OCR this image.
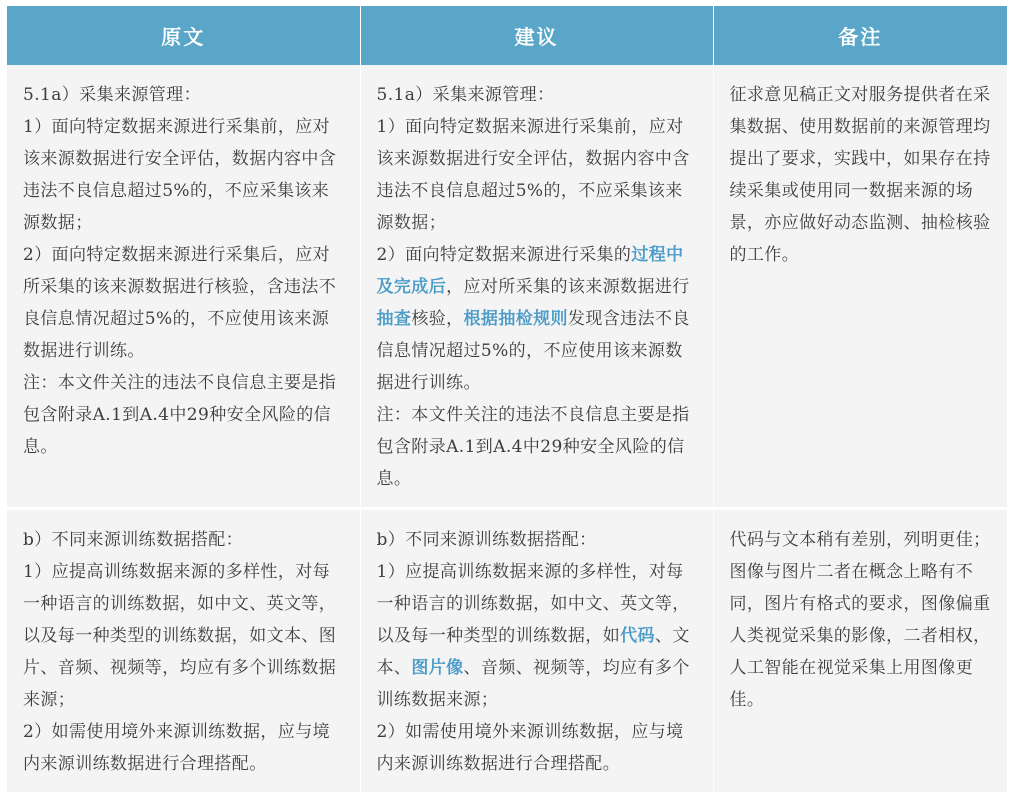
原文	建议	备注

5.1a）采集来源管理：
1）面向特定数据来源进行采集前，应对该来源数据进行安全评估，数据内容中含违法不良信息超过5%的，不应采集该来源数据；
2）面向特定数据来源进行采集后，应对所采集的该来源数据进行核验，含违法不良信息情况超过5%的，不应使用该来源数据进行训练。
注：本文件关注的违法不良信息主要是指包含附录A.1到A.4中29种安全风险的信息。	5.1a）采集来源管理：
1）面向特定数据来源进行采集前，应对该来源数据进行安全评估，数据内容中含违法不良信息超过5%的，不应采集该来源数据；
2）面向特定数据来源进行采集的过程中及完成后，应对所采集的该来源数据进行抽查核验，根据抽检规则发现含违法不良信息情况超过5%的，不应使用该来源数据进行训练。
注：本文件关注的违法不良信息主要是指包含附录A.1到A.4中29种安全风险的信息。	征求意见稿正文对服务提供者在采集数据、使用数据前的来源管理均提出了要求，实践中，如果存在持续采集或使用同一数据来源的场景，亦应做好动态监测、抽检核验的工作。

b）不同来源训练数据搭配：
1）应提高训练数据来源的多样性，对每一种语言的训练数据，如中文、英文等，以及每一种类型的训练数据，如文本、图片、音频、视频等，均应有多个训练数据来源；
2）如需使用境外来源训练数据，应与境内来源训练数据进行合理搭配。	b）不同来源训练数据搭配：
1）应提高训练数据来源的多样性，对每一种语言的训练数据，如中文、英文等，以及每一种类型的训练数据，如代码、文本、图片像、音频、视频等，均应有多个训练数据来源；
2）如需使用境外来源训练数据，应与境内来源训练数据进行合理搭配。	代码与文本稍有差别，列明更佳；图像与图片二者在概念上略有不同，图片有格式的要求，图像偏重人类视觉采集的影像，二者相权，人工智能在视觉采集上用图像更佳。
